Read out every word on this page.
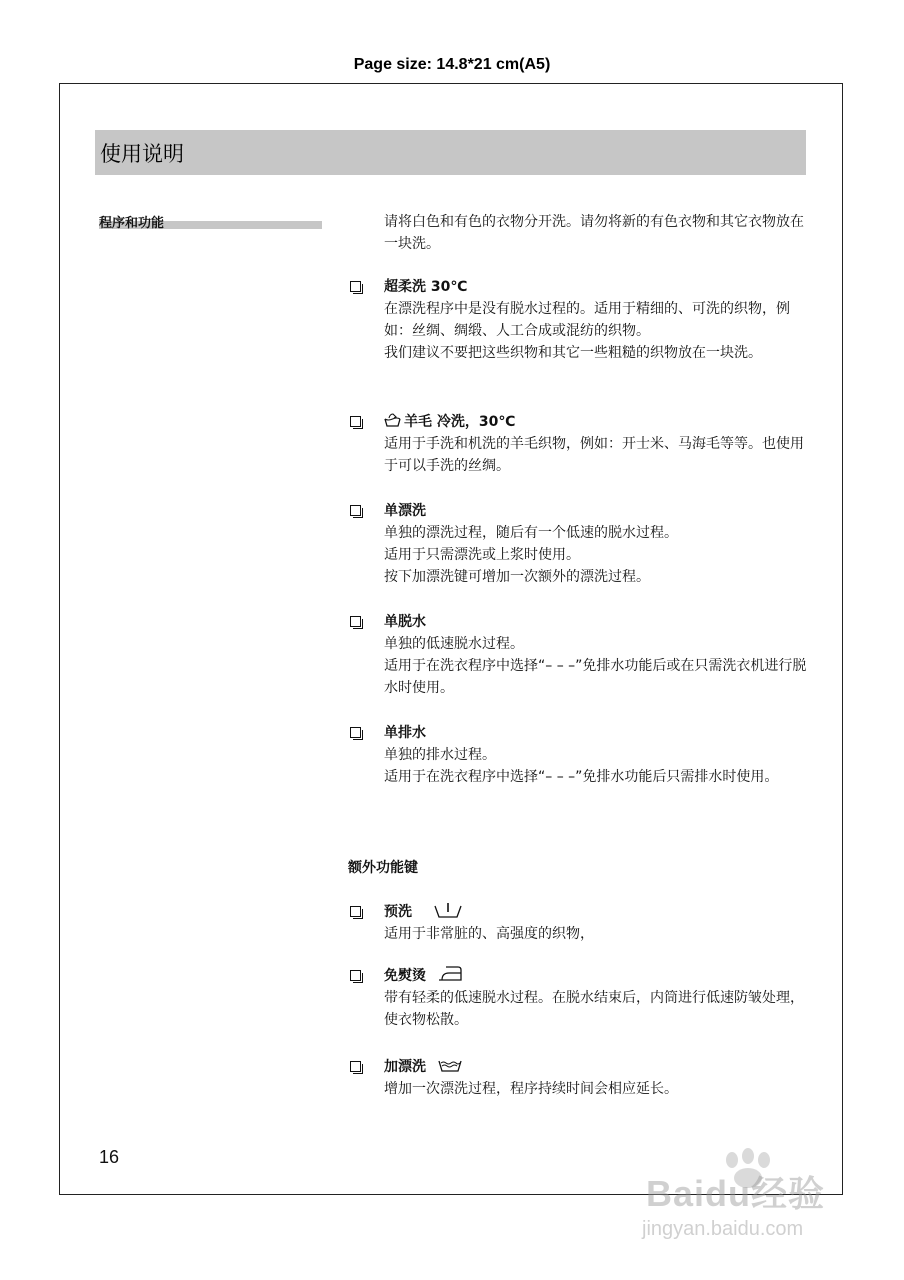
Page size: 14.8*21 cm(A5)
使用说明
程序和功能	请将白色和有色的衣物分开洗。请勿将新的有色衣物和其它衣物放在一块洗。
超柔洗 30℃

在漂洗程序中是没有脱水过程的。适用于精细的、可洗的织物，例如：丝绸、绸缎、人工合成或混纺的织物。

我们建议不要把这些织物和其它一些粗糙的织物放在一块洗。

羊毛 冷洗，30℃

适用于手洗和机洗的羊毛织物，例如：开士米、马海毛等等。也使用于可以手洗的丝绸。

单漂洗

单独的漂洗过程，随后有一个低速的脱水过程。

适用于只需漂洗或上浆时使用。

按下加漂洗键可增加一次额外的漂洗过程。

单脱水

单独的低速脱水过程。

适用于在洗衣程序中选择“– – –”免排水功能后或在只需洗衣机进行脱水时使用。

单排水

单独的排水过程。

适用于在洗衣程序中选择“– – –”免排水功能后只需排水时使用。

额外功能键
预洗

适用于非常脏的、高强度的织物，

免熨烫

带有轻柔的低速脱水过程。在脱水结束后，内筒进行低速防皱处理，使衣物松散。

加漂洗

增加一次漂洗过程，程序持续时间会相应延长。

16
Baidu经验
jingyan.baidu.com
